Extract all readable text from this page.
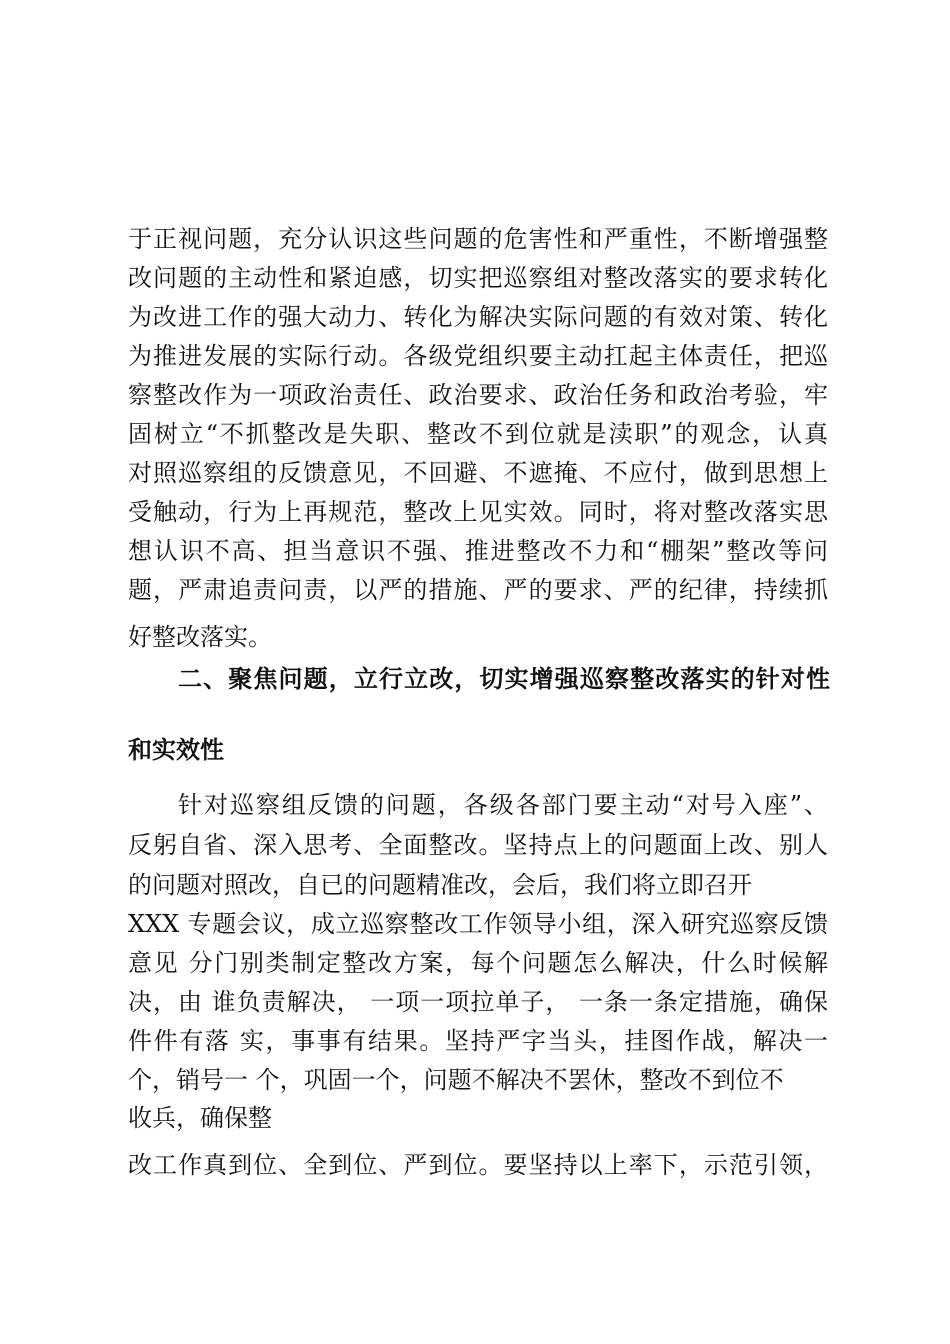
于正视问题，充分认识这些问题的危害性和严重性，不断增强整
改问题的主动性和紧迫感，切实把巡察组对整改落实的要求转化
为改进工作的强大动力、转化为解决实际问题的有效对策、转化
为推进发展的实际行动。各级党组织要主动扛起主体责任，把巡
察整改作为一项政治责任、政治要求、政治任务和政治考验，牢
固树立“不抓整改是失职、整改不到位就是渎职”的观念，认真
对照巡察组的反馈意见，不回避、不遮掩、不应付，做到思想上
受触动，行为上再规范，整改上见实效。同时，将对整改落实思
想认识不高、担当意识不强、推进整改不力和“棚架”整改等问
题，严肃追责问责，以严的措施、严的要求、严的纪律，持续抓
好整改落实。
二、聚焦问题，立行立改，切实增强巡察整改落实的针对性
和实效性
针对巡察组反馈的问题，各级各部门要主动“对号入座”、
反躬自省、深入思考、全面整改。坚持点上的问题面上改、别人
的问题对照改，自已的问题精准改，会后，我们将立即召开
XXX 专题会议，成立巡察整改工作领导小组，深入研究巡察反馈
意见 分门别类制定整改方案，每个问题怎么解决，什么时候解
决，由 谁负责解决， 一项一项拉单子， 一条一条定措施，确保
件件有落 实，事事有结果。坚持严字当头，挂图作战，解决一
个，销号一 个，巩固一个，问题不解决不罢休，整改不到位不
收兵，确保整
改工作真到位、全到位、严到位。要坚持以上率下，示范引领，
